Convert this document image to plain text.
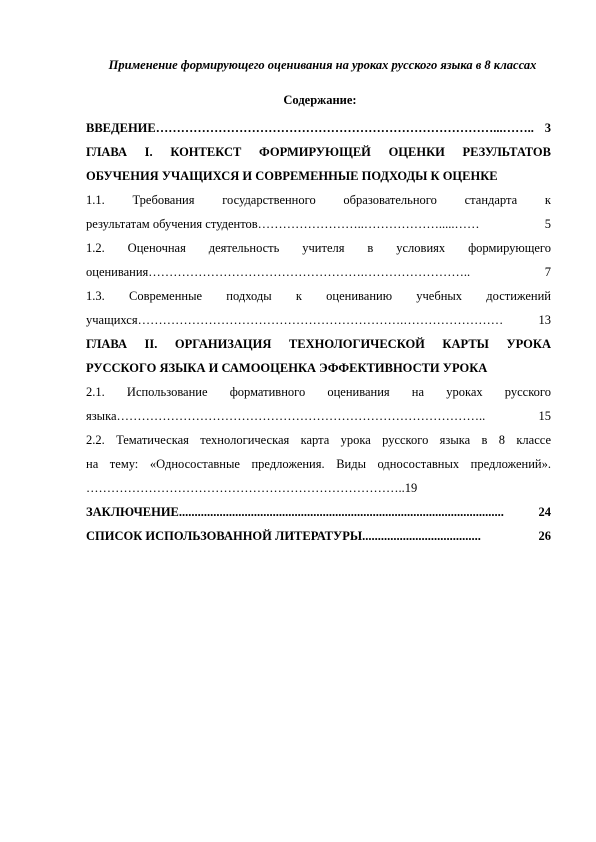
Применение формирующего оценивания на уроках русского языка в 8 классах
Содержание:
ВВЕДЕНИЕ………………………………………………………………………...…….. 3
ГЛАВА I. КОНТЕКСТ ФОРМИРУЮЩЕЙ ОЦЕНКИ РЕЗУЛЬТАТОВ
ОБУЧЕНИЯ УЧАЩИХСЯ И СОВРЕМЕННЫЕ ПОДХОДЫ К ОЦЕНКЕ
1.1. Требования государственного образовательного стандарта к
результатам обучения студентов……………………..……………….....……	5
1.2. Оценочная деятельность учителя в условиях формирующего
оценивания…………………………………………….……………………..	7
1.3. Современные подходы к оцениванию учебных достижений
учащихся……………………………………………………….……………………	13
ГЛАВА II. ОРГАНИЗАЦИЯ ТЕХНОЛОГИЧЕСКОЙ КАРТЫ УРОКА
РУССКОГО ЯЗЫКА И САМООЦЕНКА ЭФФЕКТИВНОСТИ УРОКА
2.1. Использование формативного оценивания на уроках русского
языка……………………………………………………………………………..	15
2.2. Тематическая технологическая карта урока русского языка в 8 классе
на тему: «Односоставные предложения. Виды односоставных предложений».
…………………………………………………………………..19
ЗАКЛЮЧЕНИЕ........................................................................................................	24
СПИСОК ИСПОЛЬЗОВАННОЙ ЛИТЕРАТУРЫ......................................	26
